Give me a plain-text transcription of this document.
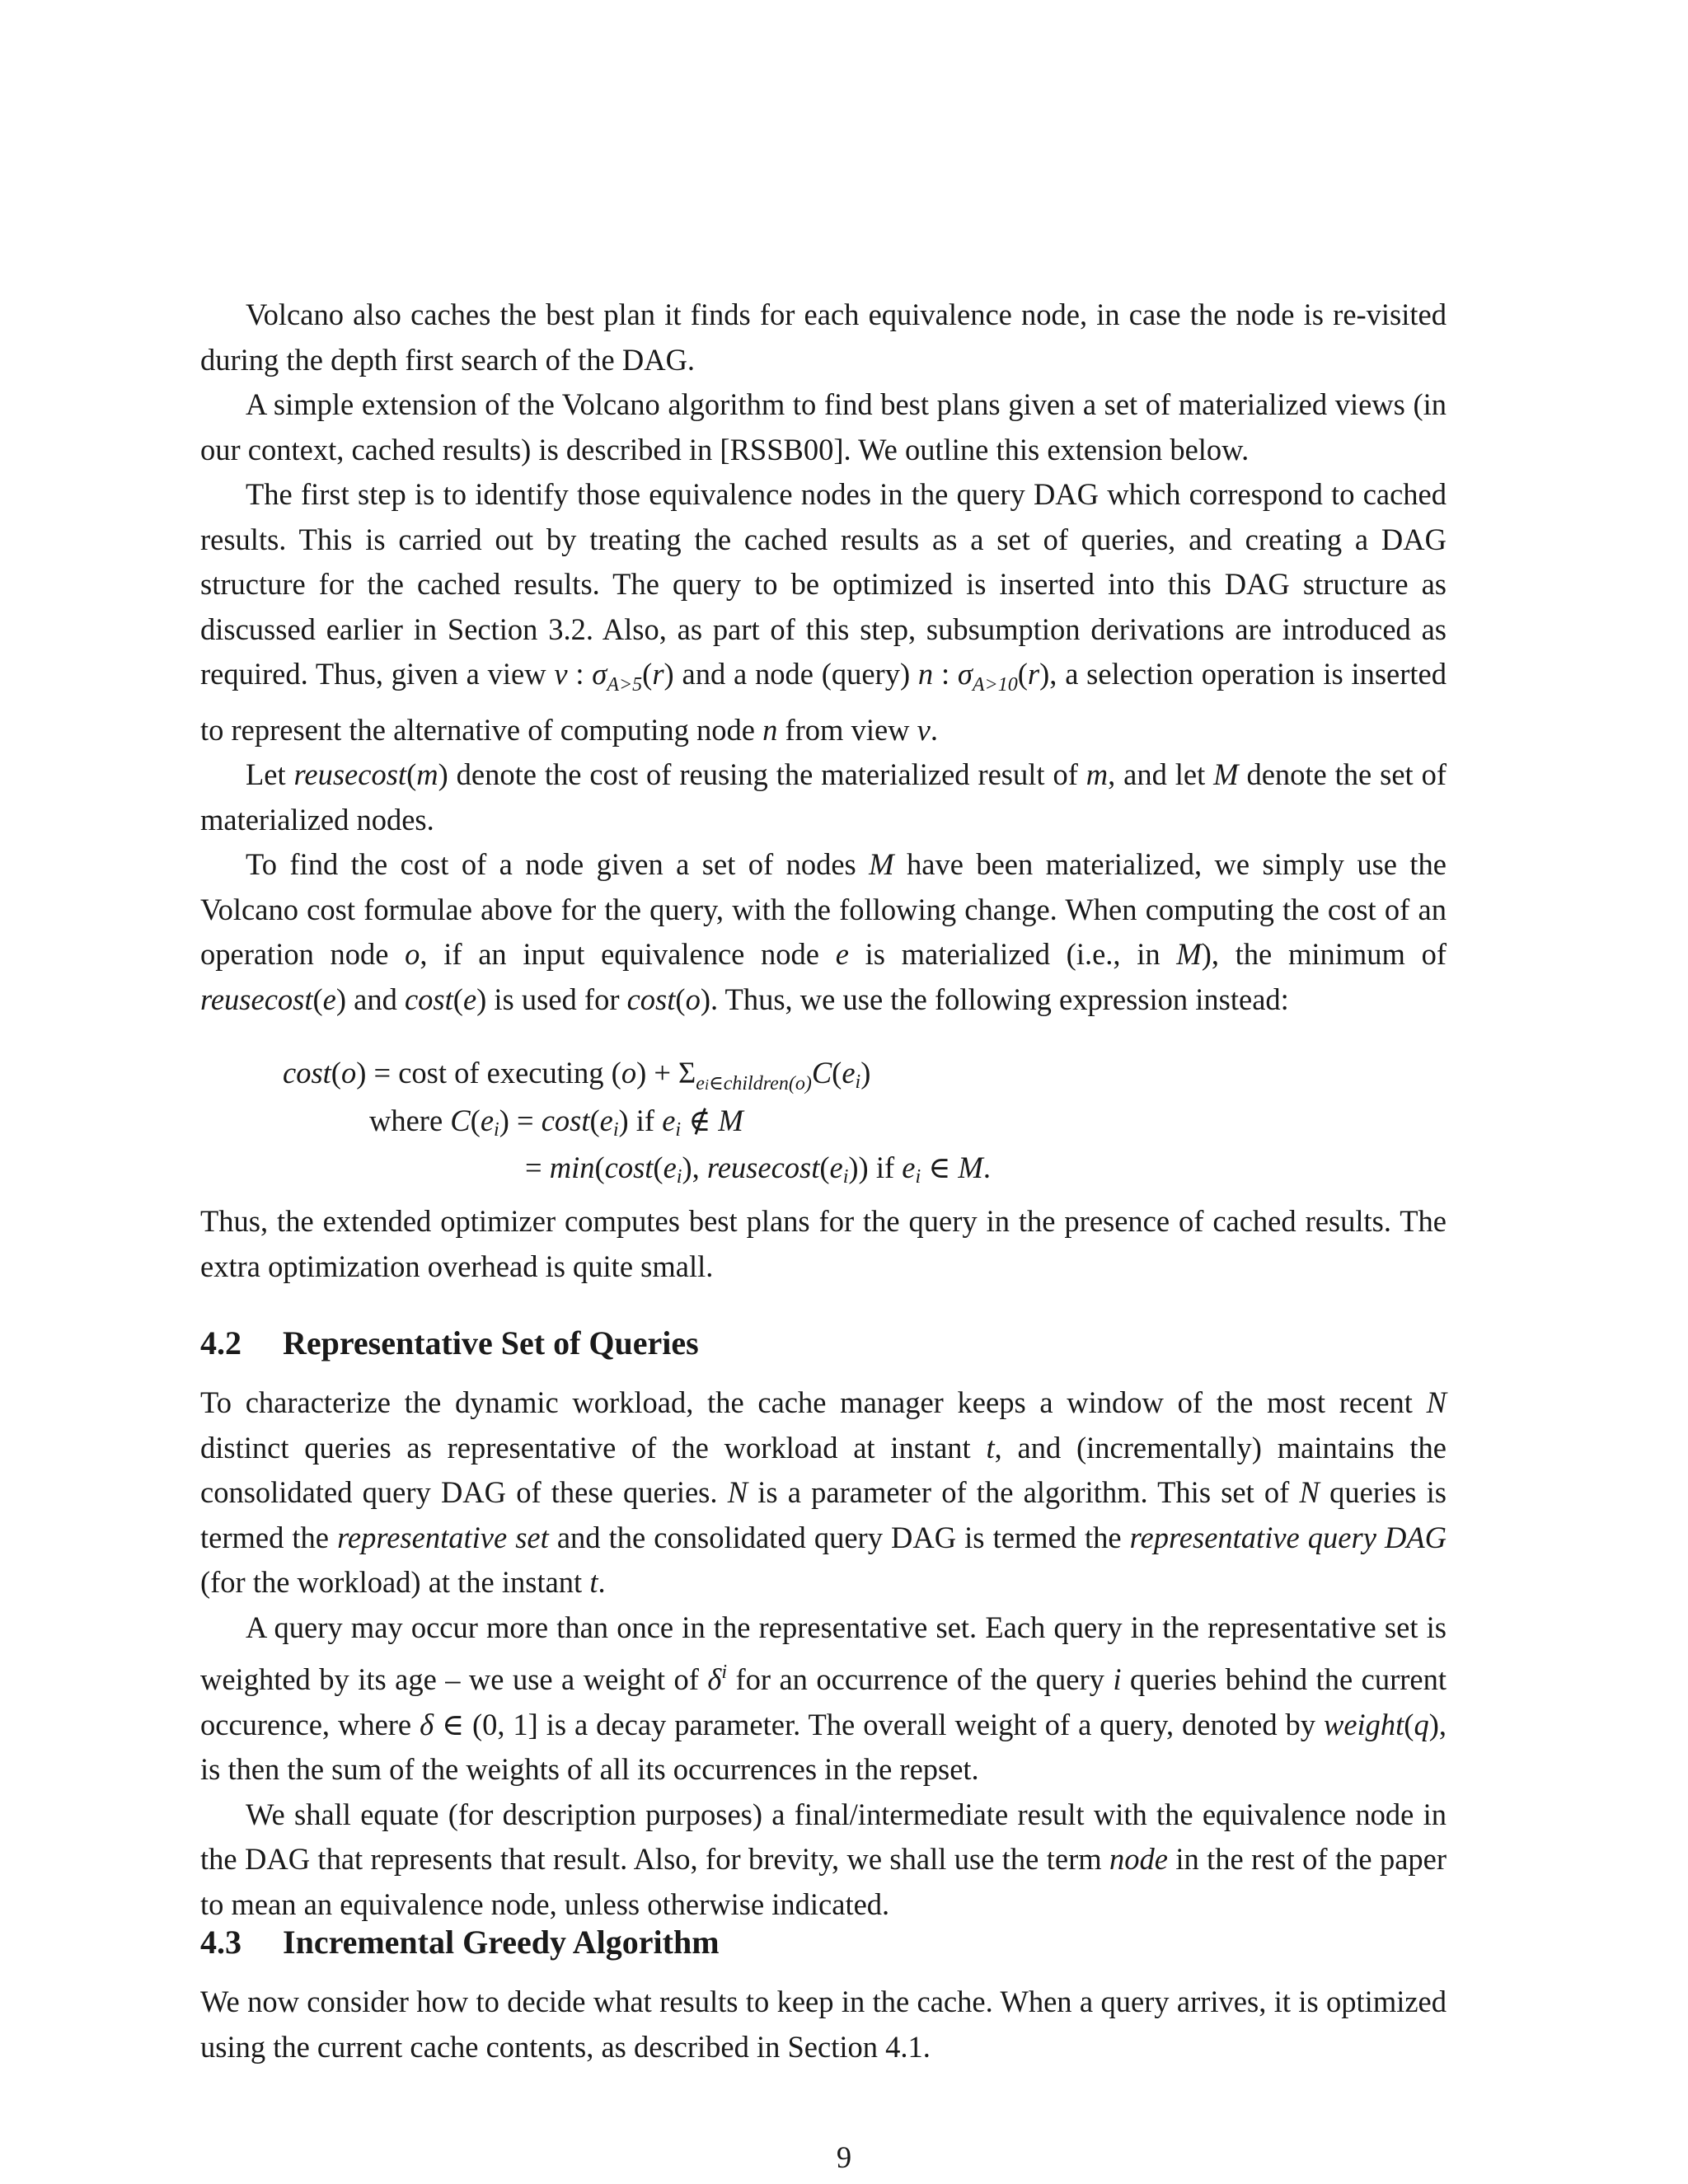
Volcano also caches the best plan it finds for each equivalence node, in case the node is re-visited during the depth first search of the DAG.

A simple extension of the Volcano algorithm to find best plans given a set of materialized views (in our context, cached results) is described in [RSSB00]. We outline this extension below.

The first step is to identify those equivalence nodes in the query DAG which correspond to cached results. This is carried out by treating the cached results as a set of queries, and creating a DAG structure for the cached results. The query to be optimized is inserted into this DAG structure as discussed earlier in Section 3.2. Also, as part of this step, subsumption derivations are introduced as required. Thus, given a view v : $\sigma_{A>5}(r)$ and a node (query) n : $\sigma_{A>10}(r)$, a selection operation is inserted to represent the alternative of computing node n from view v.

Let reusecost(m) denote the cost of reusing the materialized result of m, and let M denote the set of materialized nodes.

To find the cost of a node given a set of nodes M have been materialized, we simply use the Volcano cost formulae above for the query, with the following change. When computing the cost of an operation node o, if an input equivalence node e is materialized (i.e., in M), the minimum of reusecost(e) and cost(e) is used for cost(o). Thus, we use the following expression instead:

cost(o) = cost of executing $(o) + \Sigma_{ei\in children(o)}C(ei)$
where C(ei) = cost(ei) if ei ∉ M
= min(cost(ei), reusecost(ei)) if ei ∈ M.

Thus, the extended optimizer computes best plans for the query in the presence of cached results. The extra optimization overhead is quite small.

4.2 Representative Set of Queries

To characterize the dynamic workload, the cache manager keeps a window of the most recent N distinct queries as representative of the workload at instant t, and (incrementally) maintains the consolidated query DAG of these queries. N is a parameter of the algorithm. This set of N queries is termed the representative set and the consolidated query DAG is termed the representative query DAG (for the workload) at the instant t.

A query may occur more than once in the representative set. Each query in the representative set is weighted by its age – we use a weight of $\delta^i$ for an occurrence of the query i queries behind the current occurence, where δ ∈ (0, 1] is a decay parameter. The overall weight of a query, denoted by weight(q), is then the sum of the weights of all its occurrences in the repset.

We shall equate (for description purposes) a final/intermediate result with the equivalence node in the DAG that represents that result. Also, for brevity, we shall use the term node in the rest of the paper to mean an equivalence node, unless otherwise indicated.

4.3 Incremental Greedy Algorithm

We now consider how to decide what results to keep in the cache. When a query arrives, it is optimized using the current cache contents, as described in Section 4.1.

9
